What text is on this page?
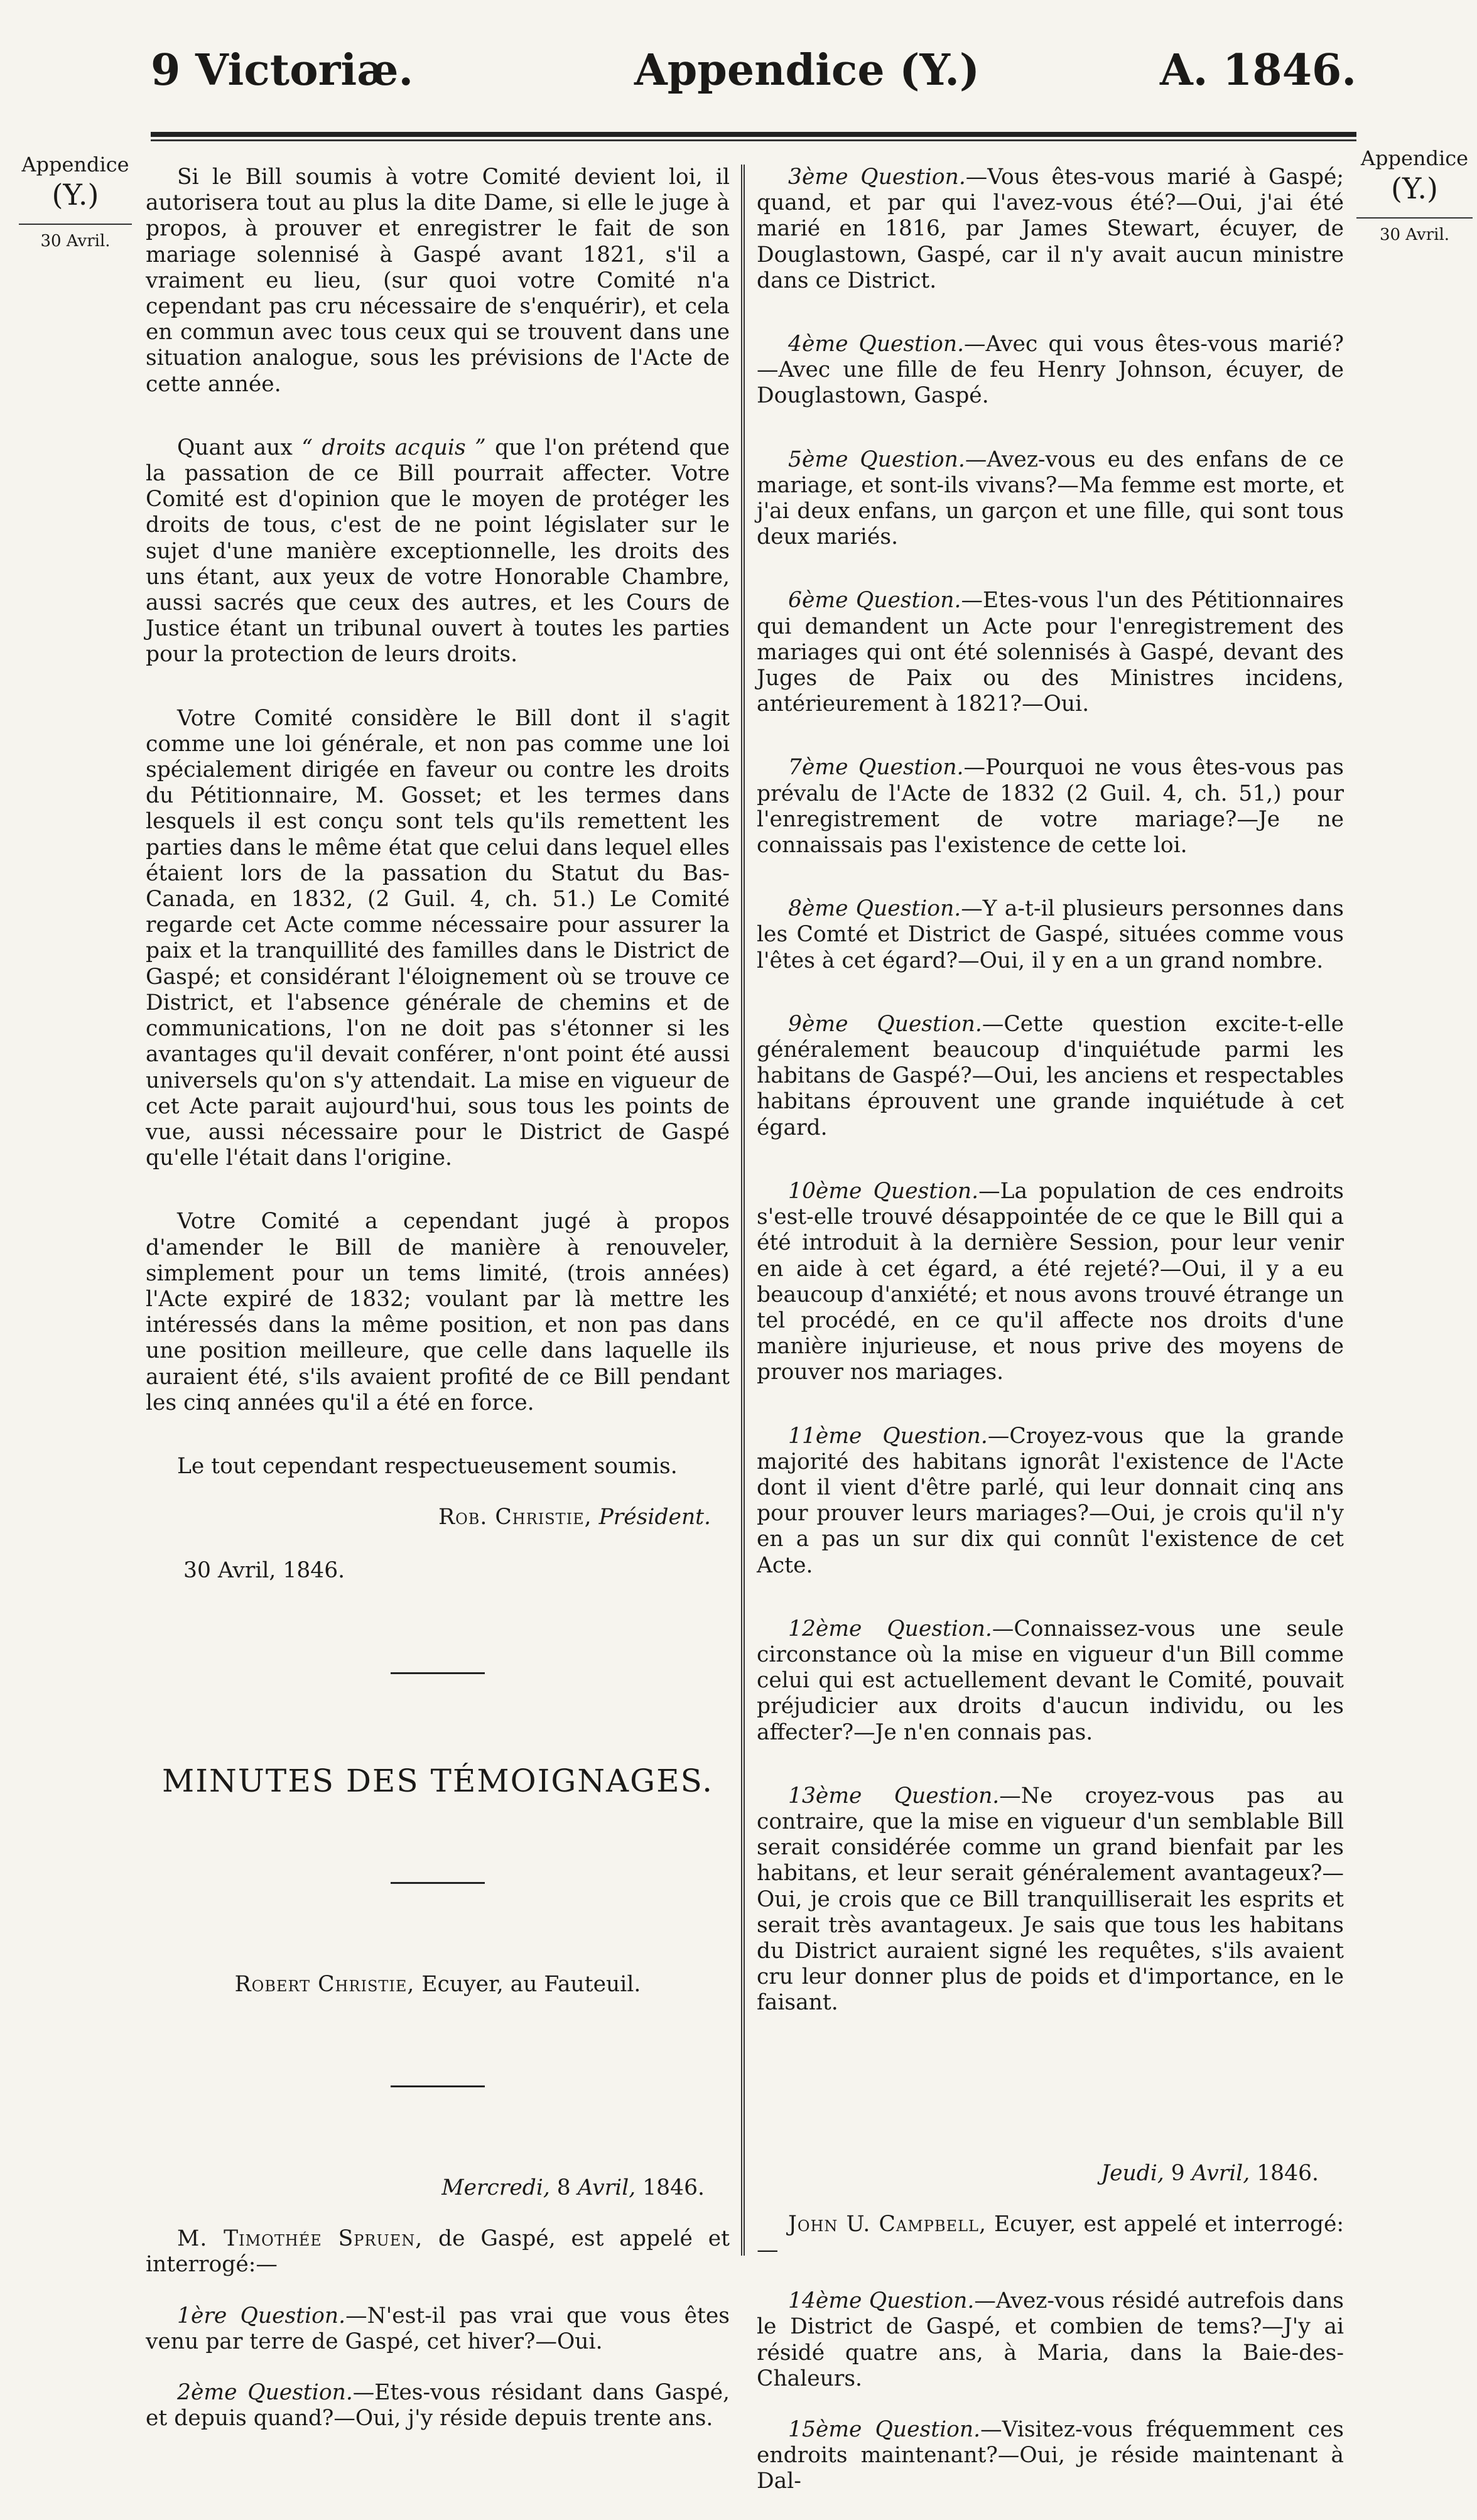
9 Victoriæ.	Appendice (Y.)	A. 1846.
Appendice
(Y.)
30 Avril.
Appendice
(Y.)
30 Avril.

Si le Bill soumis à votre Comité devient loi, il autorisera tout au plus la dite Dame, si elle le juge à propos, à prouver et enregistrer le fait de son mariage solennisé à Gaspé avant 1821, s'il a vraiment eu lieu, (sur quoi votre Comité n'a cependant pas cru nécessaire de s'enquérir), et cela en commun avec tous ceux qui se trouvent dans une situation analogue, sous les prévisions de l'Acte de cette année.

Quant aux “ droits acquis ” que l'on prétend que la passation de ce Bill pourrait affecter. Votre Comité est d'opinion que le moyen de protéger les droits de tous, c'est de ne point législater sur le sujet d'une manière exceptionnelle, les droits des uns étant, aux yeux de votre Honorable Chambre, aussi sacrés que ceux des autres, et les Cours de Justice étant un tribunal ouvert à toutes les parties pour la protection de leurs droits.

Votre Comité considère le Bill dont il s'agit comme une loi générale, et non pas comme une loi spécialement dirigée en faveur ou contre les droits du Pétitionnaire, M. Gosset; et les termes dans lesquels il est conçu sont tels qu'ils remettent les parties dans le même état que celui dans lequel elles étaient lors de la passation du Statut du Bas-Canada, en 1832, (2 Guil. 4, ch. 51.) Le Comité regarde cet Acte comme nécessaire pour assurer la paix et la tranquillité des familles dans le District de Gaspé; et considérant l'éloignement où se trouve ce District, et l'absence générale de chemins et de communications, l'on ne doit pas s'étonner si les avantages qu'il devait conférer, n'ont point été aussi universels qu'on s'y attendait. La mise en vigueur de cet Acte parait aujourd'hui, sous tous les points de vue, aussi nécessaire pour le District de Gaspé qu'elle l'était dans l'origine.

Votre Comité a cependant jugé à propos d'amender le Bill de manière à renouveler, simplement pour un tems limité, (trois années) l'Acte expiré de 1832; voulant par là mettre les intéressés dans la même position, et non pas dans une position meilleure, que celle dans laquelle ils auraient été, s'ils avaient profité de ce Bill pendant les cinq années qu'il a été en force.

Le tout cependant respectueusement soumis.

Rob. Christie, Président.
30 Avril, 1846.
MINUTES DES TÉMOIGNAGES.
Robert Christie, Ecuyer, au Fauteuil.
Mercredi, 8 Avril, 1846.

M. Timothée Spruen, de Gaspé, est appelé et interrogé:—

1ère Question.—N'est-il pas vrai que vous êtes venu par terre de Gaspé, cet hiver?—Oui.

2ème Question.—Etes-vous résidant dans Gaspé, et depuis quand?—Oui, j'y réside depuis trente ans.

3ème Question.—Vous êtes-vous marié à Gaspé; quand, et par qui l'avez-vous été?—Oui, j'ai été marié en 1816, par James Stewart, écuyer, de Douglastown, Gaspé, car il n'y avait aucun ministre dans ce District.

4ème Question.—Avec qui vous êtes-vous marié?—Avec une fille de feu Henry Johnson, écuyer, de Douglastown, Gaspé.

5ème Question.—Avez-vous eu des enfans de ce mariage, et sont-ils vivans?—Ma femme est morte, et j'ai deux enfans, un garçon et une fille, qui sont tous deux mariés.

6ème Question.—Etes-vous l'un des Pétitionnaires qui demandent un Acte pour l'enregistrement des mariages qui ont été solennisés à Gaspé, devant des Juges de Paix ou des Ministres incidens, antérieurement à 1821?—Oui.

7ème Question.—Pourquoi ne vous êtes-vous pas prévalu de l'Acte de 1832 (2 Guil. 4, ch. 51,) pour l'enregistrement de votre mariage?—Je ne connaissais pas l'existence de cette loi.

8ème Question.—Y a-t-il plusieurs personnes dans les Comté et District de Gaspé, situées comme vous l'êtes à cet égard?—Oui, il y en a un grand nombre.

9ème Question.—Cette question excite-t-elle généralement beaucoup d'inquiétude parmi les habitans de Gaspé?—Oui, les anciens et respectables habitans éprouvent une grande inquiétude à cet égard.

10ème Question.—La population de ces endroits s'est-elle trouvé désappointée de ce que le Bill qui a été introduit à la dernière Session, pour leur venir en aide à cet égard, a été rejeté?—Oui, il y a eu beaucoup d'anxiété; et nous avons trouvé étrange un tel procédé, en ce qu'il affecte nos droits d'une manière injurieuse, et nous prive des moyens de prouver nos mariages.

11ème Question.—Croyez-vous que la grande majorité des habitans ignorât l'existence de l'Acte dont il vient d'être parlé, qui leur donnait cinq ans pour prouver leurs mariages?—Oui, je crois qu'il n'y en a pas un sur dix qui connût l'existence de cet Acte.

12ème Question.—Connaissez-vous une seule circonstance où la mise en vigueur d'un Bill comme celui qui est actuellement devant le Comité, pouvait préjudicier aux droits d'aucun individu, ou les affecter?—Je n'en connais pas.

13ème Question.—Ne croyez-vous pas au contraire, que la mise en vigueur d'un semblable Bill serait considérée comme un grand bienfait par les habitans, et leur serait généralement avantageux?—Oui, je crois que ce Bill tranquilliserait les esprits et serait très avantageux. Je sais que tous les habitans du District auraient signé les requêtes, s'ils avaient cru leur donner plus de poids et d'importance, en le faisant.

Jeudi, 9 Avril, 1846.

John U. Campbell, Ecuyer, est appelé et interrogé:—

14ème Question.—Avez-vous résidé autrefois dans le District de Gaspé, et combien de tems?—J'y ai résidé quatre ans, à Maria, dans la Baie-des-Chaleurs.

15ème Question.—Visitez-vous fréquemment ces endroits maintenant?—Oui, je réside maintenant à Dal-
